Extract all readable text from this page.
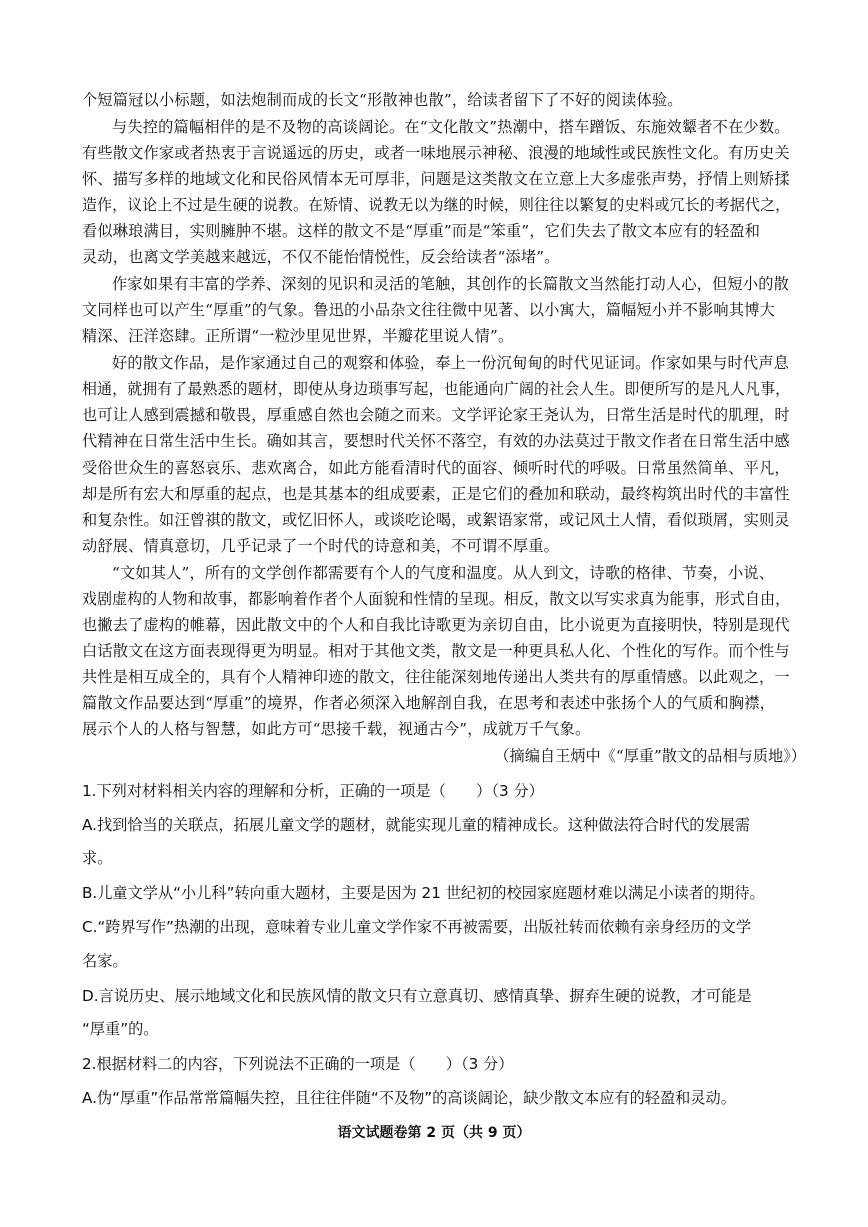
个短篇冠以小标题，如法炮制而成的长文“形散神也散”，给读者留下了不好的阅读体验。
与失控的篇幅相伴的是不及物的高谈阔论。在“文化散文”热潮中，搭车蹭饭、东施效颦者不在少数。
有些散文作家或者热衷于言说遥远的历史，或者一味地展示神秘、浪漫的地域性或民族性文化。有历史关
怀、描写多样的地域文化和民俗风情本无可厚非，问题是这类散文在立意上大多虚张声势，抒情上则矫揉
造作，议论上不过是生硬的说教。在矫情、说教无以为继的时候，则往往以繁复的史料或冗长的考据代之，
看似琳琅满目，实则臃肿不堪。这样的散文不是“厚重”而是“笨重”，它们失去了散文本应有的轻盈和
灵动，也离文学美越来越远，不仅不能怡情悦性，反会给读者“添堵”。
作家如果有丰富的学养、深刻的见识和灵活的笔触，其创作的长篇散文当然能打动人心，但短小的散
文同样也可以产生“厚重”的气象。鲁迅的小品杂文往往微中见著、以小寓大，篇幅短小并不影响其博大
精深、汪洋恣肆。正所谓“一粒沙里见世界，半瓣花里说人情”。
好的散文作品，是作家通过自己的观察和体验，奉上一份沉甸甸的时代见证词。作家如果与时代声息
相通，就拥有了最熟悉的题材，即使从身边琐事写起，也能通向广阔的社会人生。即便所写的是凡人凡事，
也可让人感到震撼和敬畏，厚重感自然也会随之而来。文学评论家王尧认为，日常生活是时代的肌理，时
代精神在日常生活中生长。确如其言，要想时代关怀不落空，有效的办法莫过于散文作者在日常生活中感
受俗世众生的喜怒哀乐、悲欢离合，如此方能看清时代的面容、倾听时代的呼吸。日常虽然简单、平凡，
却是所有宏大和厚重的起点，也是其基本的组成要素，正是它们的叠加和联动，最终构筑出时代的丰富性
和复杂性。如汪曾祺的散文，或忆旧怀人，或谈吃论喝，或絮语家常，或记风土人情，看似琐屑，实则灵
动舒展、情真意切，几乎记录了一个时代的诗意和美，不可谓不厚重。
“文如其人”，所有的文学创作都需要有个人的气度和温度。从人到文，诗歌的格律、节奏，小说、
戏剧虚构的人物和故事，都影响着作者个人面貌和性情的呈现。相反，散文以写实求真为能事，形式自由，
也撇去了虚构的帷幕，因此散文中的个人和自我比诗歌更为亲切自由，比小说更为直接明快，特别是现代
白话散文在这方面表现得更为明显。相对于其他文类，散文是一种更具私人化、个性化的写作。而个性与
共性是相互成全的，具有个人精神印迹的散文，往往能深刻地传递出人类共有的厚重情感。以此观之，一
篇散文作品要达到“厚重”的境界，作者必须深入地解剖自我，在思考和表述中张扬个人的气质和胸襟，
展示个人的人格与智慧，如此方可“思接千载，视通古今”，成就万千气象。
（摘编自王炳中《“厚重”散文的品相与质地》）
1.下列对材料相关内容的理解和分析，正确的一项是（　　）（3 分）
A.找到恰当的关联点，拓展儿童文学的题材，就能实现儿童的精神成长。这种做法符合时代的发展需
求。
B.儿童文学从“小儿科”转向重大题材，主要是因为 21 世纪初的校园家庭题材难以满足小读者的期待。
C.“跨界写作”热潮的出现，意味着专业儿童文学作家不再被需要，出版社转而依赖有亲身经历的文学
名家。
D.言说历史、展示地域文化和民族风情的散文只有立意真切、感情真挚、摒弃生硬的说教，才可能是
“厚重”的。
2.根据材料二的内容，下列说法不正确的一项是（　　）（3 分）
A.伪“厚重”作品常常篇幅失控，且往往伴随“不及物”的高谈阔论，缺少散文本应有的轻盈和灵动。
语文试题卷第 2 页（共 9 页）
